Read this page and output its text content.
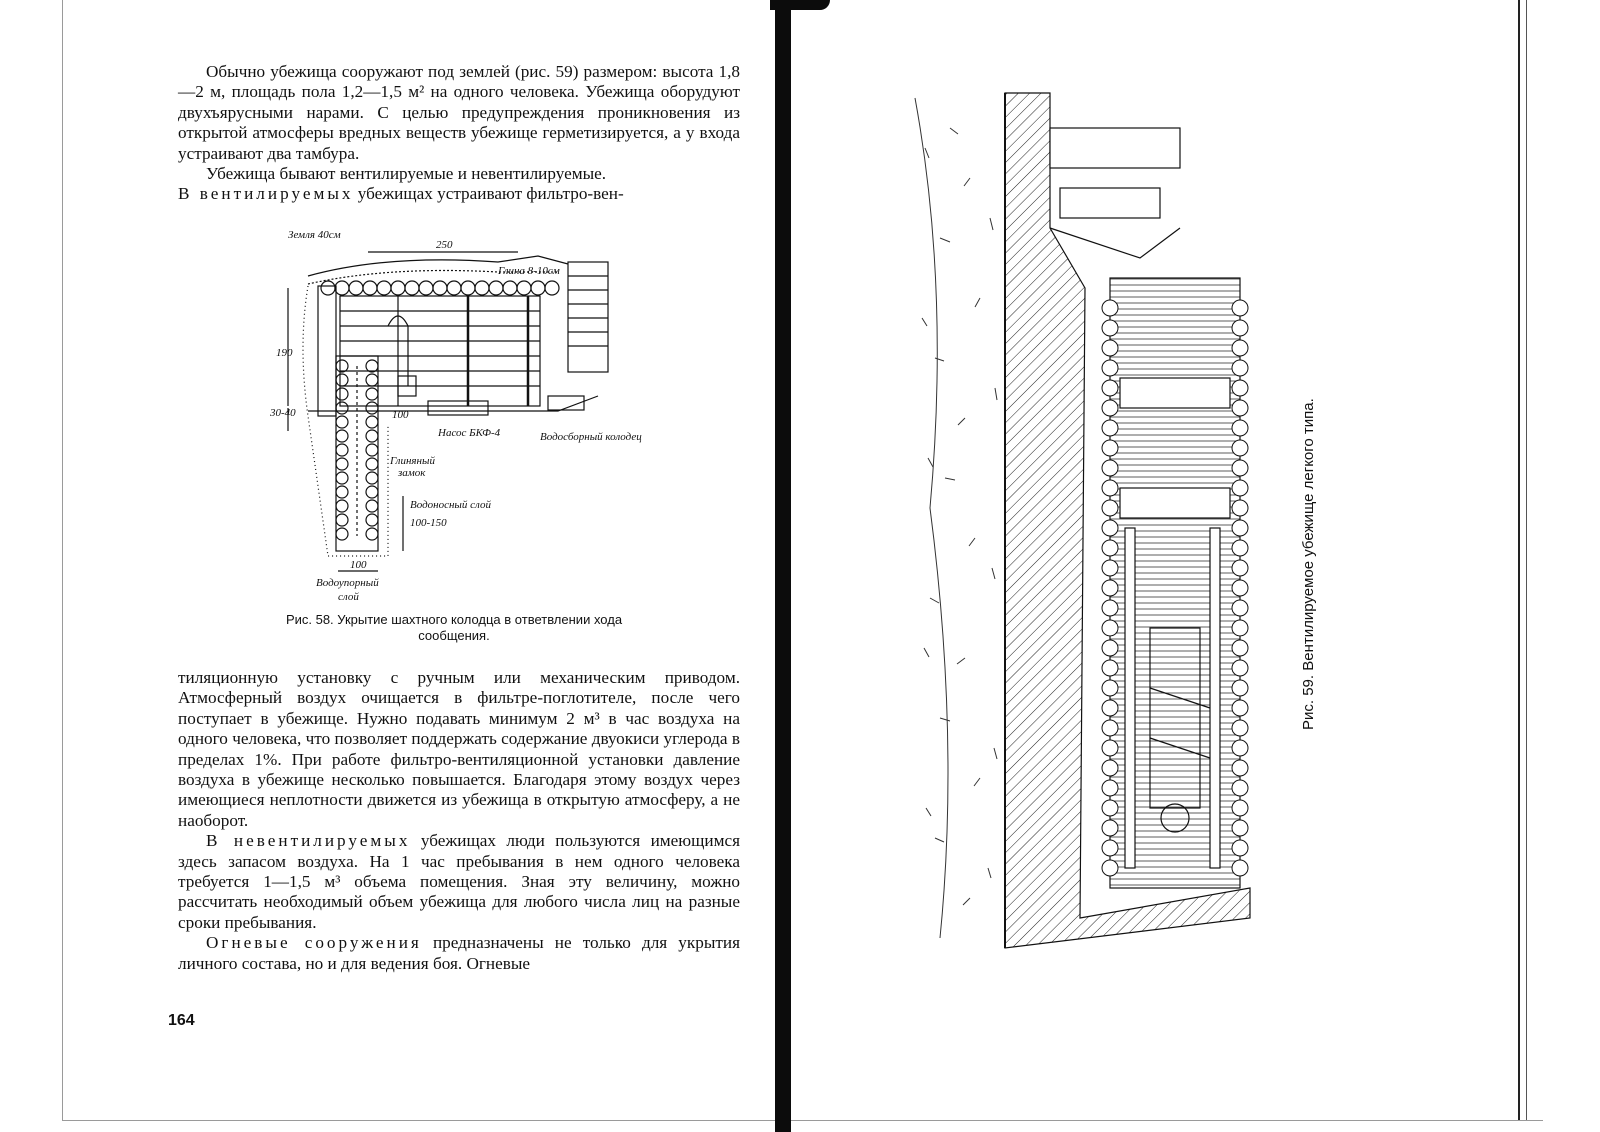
Обычно убежища сооружают под землей (рис. 59) размером: высота 1,8—2 м, площадь пола 1,2—1,5 м² на одного человека. Убежища оборудуют двухъярусными нарами. С целью предупреждения проникновения из открытой атмосферы вредных веществ убежище герметизируется, а у входа устраивают два тамбура.

Убежища бывают вентилируемые и невентилируемые.

В вентилируемых убежищах устраивают фильтро-вен-

Земля 40см
250
Глина 8-10см
190
30-40	100
Насос БКФ-4	Водосборный колодец
Глиняный
замок
Водоносный слой
100-150
100
Водоупорный
слой
Рис. 58. Укрытие шахтного колодца в ответвлении хода сообщения.

тиляционную установку с ручным или механическим приводом. Атмосферный воздух очищается в фильтре-поглотителе, после чего поступает в убежище. Нужно подавать минимум 2 м³ в час воздуха на одного человека, что позволяет поддержать содержание двуокиси углерода в пределах 1%. При работе фильтро-вентиляционной установки давление воздуха в убежище несколько повышается. Благодаря этому воздух через имеющиеся неплотности движется из убежища в открытую атмосферу, а не наоборот.

В невентилируемых убежищах люди пользуются имеющимся здесь запасом воздуха. На 1 час пребывания в нем одного человека требуется 1—1,5 м³ объема помещения. Зная эту величину, можно рассчитать необходимый объем убежища для любого числа лиц на разные сроки пребывания.

Огневые сооружения предназначены не только для укрытия личного состава, но и для ведения боя. Огневые

164
Рис. 59. Вентилируемое убежище легкого типа.
